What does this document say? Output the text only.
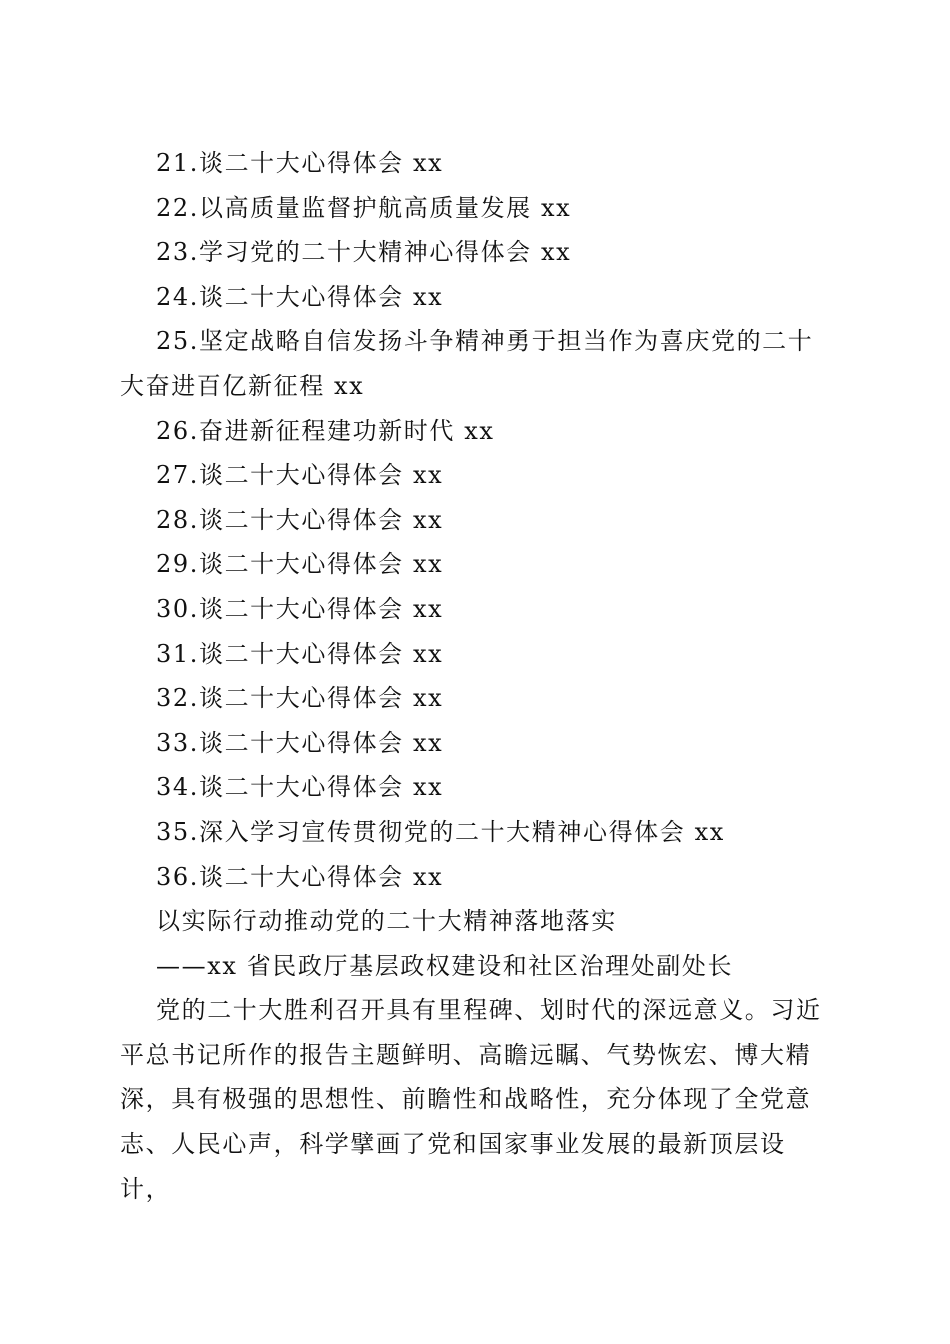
21.谈二十大心得体会 xx

22.以高质量监督护航高质量发展 xx

23.学习党的二十大精神心得体会 xx

24.谈二十大心得体会 xx

25.坚定战略自信发扬斗争精神勇于担当作为喜庆党的二十大奋进百亿新征程 xx

26.奋进新征程建功新时代 xx

27.谈二十大心得体会 xx

28.谈二十大心得体会 xx

29.谈二十大心得体会 xx

30.谈二十大心得体会 xx

31.谈二十大心得体会 xx

32.谈二十大心得体会 xx

33.谈二十大心得体会 xx

34.谈二十大心得体会 xx

35.深入学习宣传贯彻党的二十大精神心得体会 xx

36.谈二十大心得体会 xx

以实际行动推动党的二十大精神落地落实

——xx 省民政厅基层政权建设和社区治理处副处长

党的二十大胜利召开具有里程碑、划时代的深远意义。习近平总书记所作的报告主题鲜明、高瞻远瞩、气势恢宏、博大精深，具有极强的思想性、前瞻性和战略性，充分体现了全党意志、人民心声，科学擘画了党和国家事业发展的最新顶层设计，
